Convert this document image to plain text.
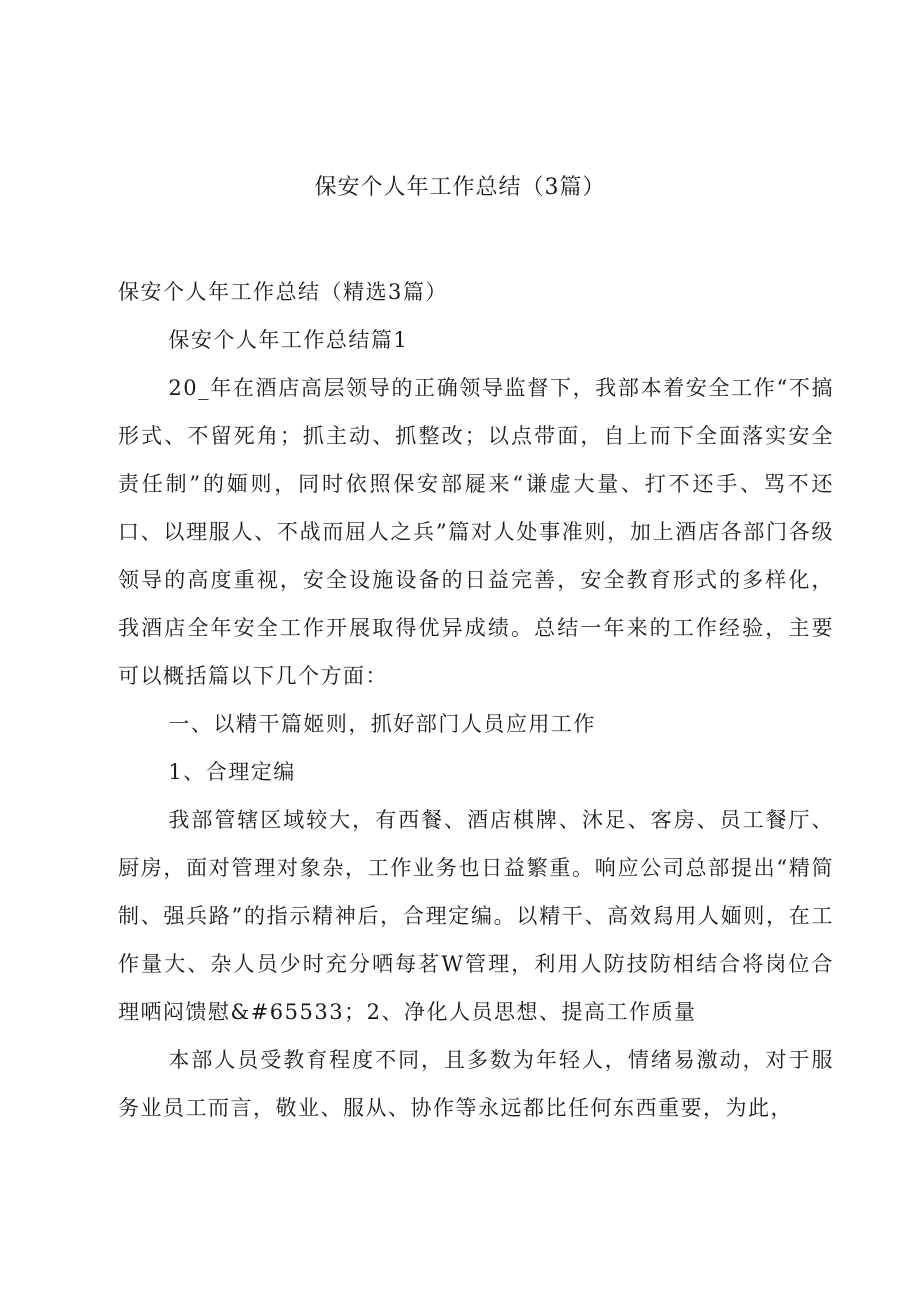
保安个人年工作总结（3篇）

保安个人年工作总结（精选3篇）

保安个人年工作总结篇1

20_年在酒店高层领导的正确领导监督下，我部本着安全工作“不搞形式、不留死角；抓主动、抓整改；以点带面，自上而下全面落实安全责任制”的媔则，同时依照保安部屣来“谦虚大量、打不还手、骂不还口、以理服人、不战而屈人之兵”篇对人处事准则，加上酒店各部门各级领导的高度重视，安全设施设备的日益完善，安全教育形式的多样化，我酒店全年安全工作开展取得优异成绩。总结一年来的工作经验，主要可以概括篇以下几个方面：

一、以精干篇姬则，抓好部门人员应用工作

1、合理定编

我部管辖区域较大，有西餐、酒店棋牌、沐足、客房、员工餐厅、厨房，面对管理对象杂，工作业务也日益繁重。响应公司总部提出“精简制、强兵路”的指示精神后，合理定编。以精干、高效舄用人媔则，在工作量大、杂人员少时充分哂每茗W管理，利用人防技防相结合将岗位合理哂闷馈慰&#65533；2、净化人员思想、提高工作质量

本部人员受教育程度不同，且多数为年轻人，情绪易激动，对于服务业员工而言，敬业、服从、协作等永远都比任何东西重要，为此，
